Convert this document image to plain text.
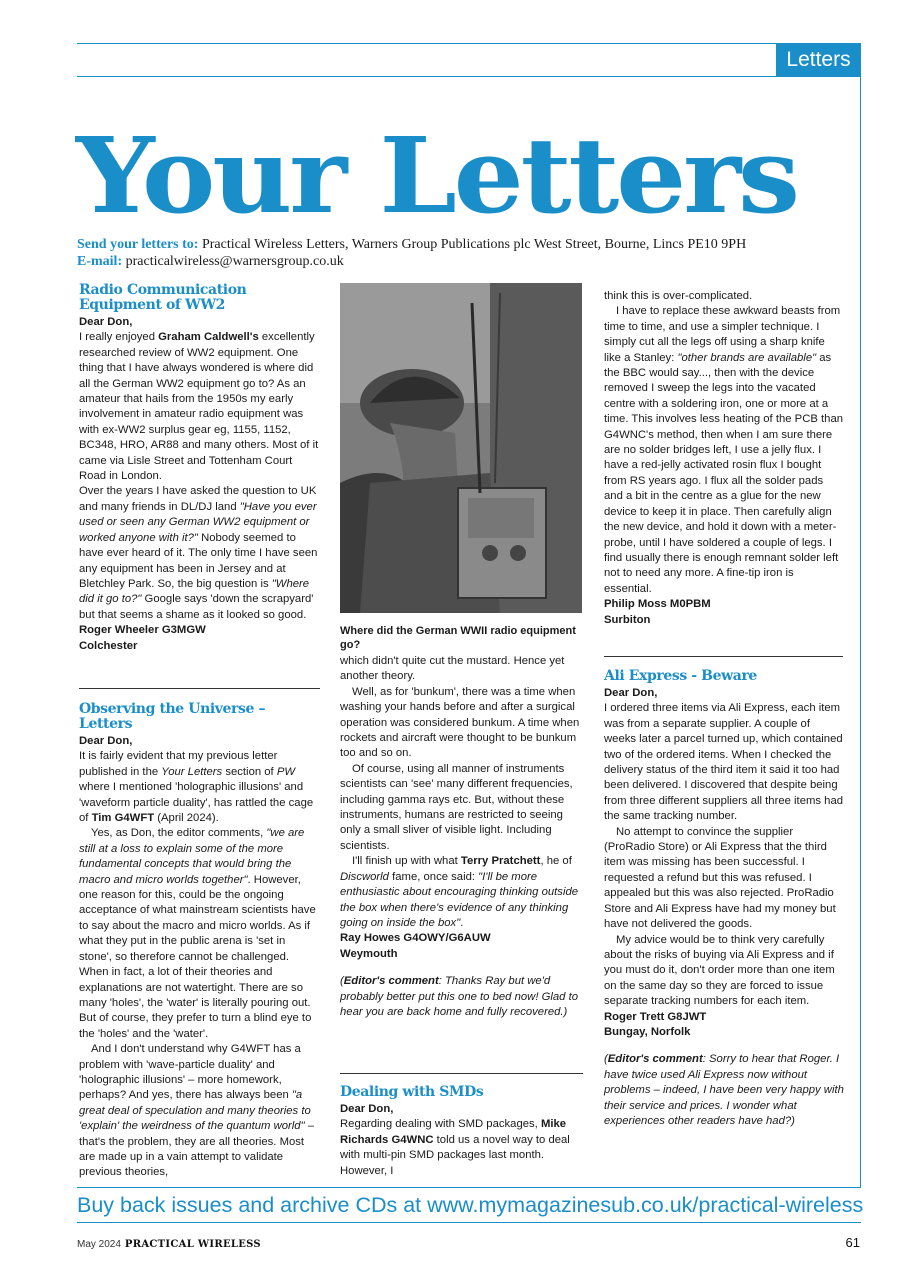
Letters
Your Letters
Send your letters to: Practical Wireless Letters, Warners Group Publications plc West Street, Bourne, Lincs PE10 9PH
E-mail: practicalwireless@warnersgroup.co.uk
Radio Communication
Equipment of WW2

Dear Don,

I really enjoyed Graham Caldwell's excellently researched review of WW2 equipment. One thing that I have always wondered is where did all the German WW2 equipment go to? As an amateur that hails from the 1950s my early involvement in amateur radio equipment was with ex-WW2 surplus gear eg, 1155, 1152, BC348, HRO, AR88 and many others. Most of it came via Lisle Street and Tottenham Court Road in London.

Over the years I have asked the question to UK and many friends in DL/DJ land "Have you ever used or seen any German WW2 equipment or worked anyone with it?" Nobody seemed to have ever heard of it. The only time I have seen any equipment has been in Jersey and at Bletchley Park. So, the big question is "Where did it go to?" Google says 'down the scrapyard' but that seems a shame as it looked so good.

Roger Wheeler G3MGW

Colchester

Observing the Universe – Letters

Dear Don,

It is fairly evident that my previous letter published in the Your Letters section of PW where I mentioned 'holographic illusions' and 'waveform particle duality', has rattled the cage of Tim G4WFT (April 2024).

Yes, as Don, the editor comments, "we are still at a loss to explain some of the more fundamental concepts that would bring the macro and micro worlds together". However, one reason for this, could be the ongoing acceptance of what mainstream scientists have to say about the macro and micro worlds. As if what they put in the public arena is 'set in stone', so therefore cannot be challenged. When in fact, a lot of their theories and explanations are not watertight. There are so many 'holes', the 'water' is literally pouring out. But of course, they prefer to turn a blind eye to the 'holes' and the 'water'.

And I don't understand why G4WFT has a problem with 'wave-particle duality' and 'holographic illusions' – more homework, perhaps? And yes, there has always been "a great deal of speculation and many theories to 'explain' the weirdness of the quantum world" – that's the problem, they are all theories. Most are made up in a vain attempt to validate previous theories,

Where did the German WWII radio equipment go?

which didn't quite cut the mustard. Hence yet another theory.

Well, as for 'bunkum', there was a time when washing your hands before and after a surgical operation was considered bunkum. A time when rockets and aircraft were thought to be bunkum too and so on.

Of course, using all manner of instruments scientists can 'see' many different frequencies, including gamma rays etc. But, without these instruments, humans are restricted to seeing only a small sliver of visible light. Including scientists.

I'll finish up with what Terry Pratchett, he of Discworld fame, once said: "I'll be more enthusiastic about encouraging thinking outside the box when there's evidence of any thinking going on inside the box".

Ray Howes G4OWY/G6AUW

Weymouth

(Editor's comment: Thanks Ray but we'd probably better put this one to bed now! Glad to hear you are back home and fully recovered.)

Dealing with SMDs

Dear Don,

Regarding dealing with SMD packages, Mike Richards G4WNC told us a novel way to deal with multi-pin SMD packages last month. However, I

think this is over-complicated.

I have to replace these awkward beasts from time to time, and use a simpler technique. I simply cut all the legs off using a sharp knife like a Stanley: "other brands are available" as the BBC would say..., then with the device removed I sweep the legs into the vacated centre with a soldering iron, one or more at a time. This involves less heating of the PCB than G4WNC's method, then when I am sure there are no solder bridges left, I use a jelly flux. I have a red-jelly activated rosin flux I bought from RS years ago. I flux all the solder pads and a bit in the centre as a glue for the new device to keep it in place. Then carefully align the new device, and hold it down with a meter-probe, until I have soldered a couple of legs. I find usually there is enough remnant solder left not to need any more. A fine-tip iron is essential.

Philip Moss M0PBM

Surbiton

Ali Express - Beware

Dear Don,

I ordered three items via Ali Express, each item was from a separate supplier. A couple of weeks later a parcel turned up, which contained two of the ordered items. When I checked the delivery status of the third item it said it too had been delivered. I discovered that despite being from three different suppliers all three items had the same tracking number.

No attempt to convince the supplier (ProRadio Store) or Ali Express that the third item was missing has been successful. I requested a refund but this was refused. I appealed but this was also rejected. ProRadio Store and Ali Express have had my money but have not delivered the goods.

My advice would be to think very carefully about the risks of buying via Ali Express and if you must do it, don't order more than one item on the same day so they are forced to issue separate tracking numbers for each item.

Roger Trett G8JWT

Bungay, Norfolk

(Editor's comment: Sorry to hear that Roger. I have twice used Ali Express now without problems – indeed, I have been very happy with their service and prices. I wonder what experiences other readers have had?)

Buy back issues and archive CDs at www.mymagazinesub.co.uk/practical-wireless
May 2024 PRACTICAL WIRELESS	61
